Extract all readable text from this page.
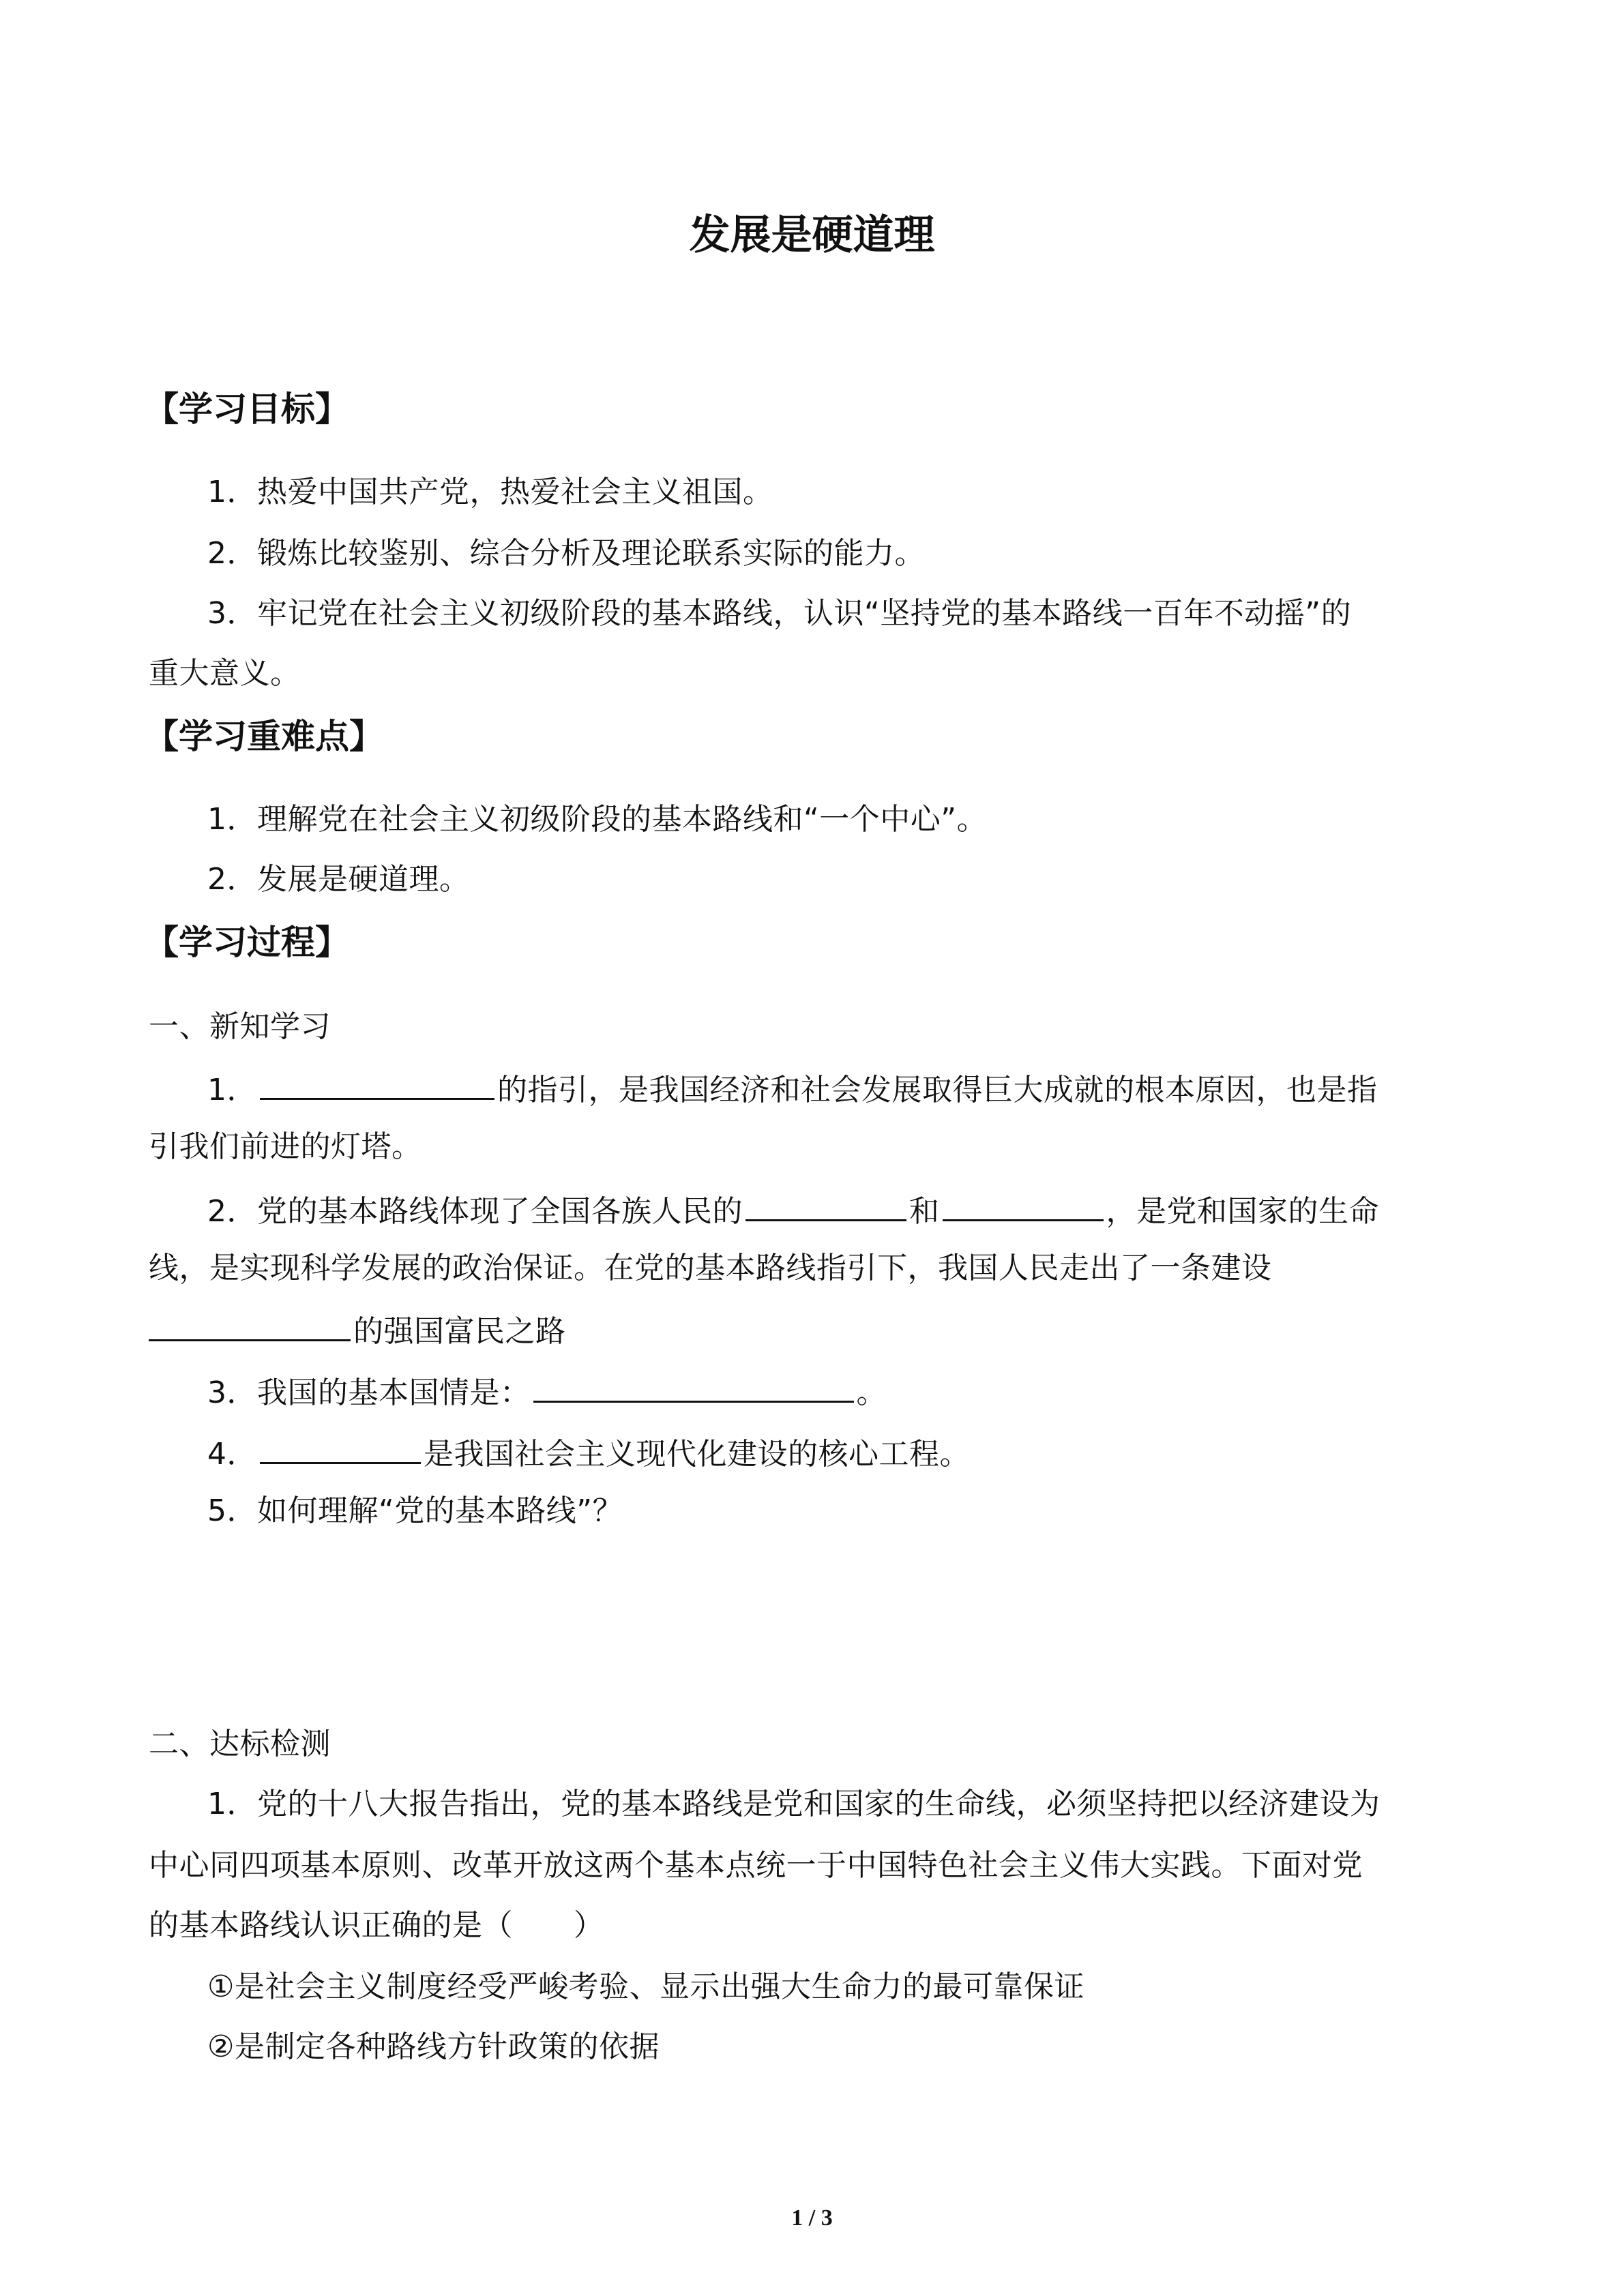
发展是硬道理
【学习目标】
1．热爱中国共产党，热爱社会主义祖国。
2．锻炼比较鉴别、综合分析及理论联系实际的能力。
3．牢记党在社会主义初级阶段的基本路线，认识“坚持党的基本路线一百年不动摇”的
重大意义。
【学习重难点】
1．理解党在社会主义初级阶段的基本路线和“一个中心”。
2．发展是硬道理。
【学习过程】
一、新知学习
1．	的指引，是我国经济和社会发展取得巨大成就的根本原因，也是指
引我们前进的灯塔。
2．党的基本路线体现了全国各族人民的	和	，是党和国家的生命
线，是实现科学发展的政治保证。在党的基本路线指引下，我国人民走出了一条建设
的强国富民之路
3．我国的基本国情是：	。
4．	是我国社会主义现代化建设的核心工程。
5．如何理解“党的基本路线”？
二、达标检测
1．党的十八大报告指出，党的基本路线是党和国家的生命线，必须坚持把以经济建设为
中心同四项基本原则、改革开放这两个基本点统一于中国特色社会主义伟大实践。下面对党
的基本路线认识正确的是（　　）
①是社会主义制度经受严峻考验、显示出强大生命力的最可靠保证
②是制定各种路线方针政策的依据
1 / 3
